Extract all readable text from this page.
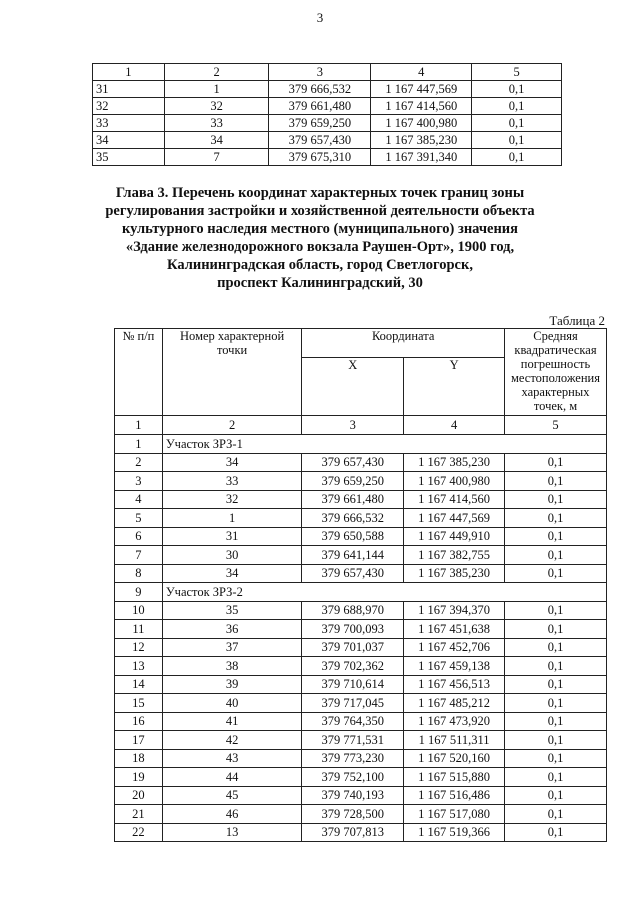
3
1	2	3	4	5
31	1	379 666,532	1 167 447,569	0,1
32	32	379 661,480	1 167 414,560	0,1
33	33	379 659,250	1 167 400,980	0,1
34	34	379 657,430	1 167 385,230	0,1
35	7	379 675,310	1 167 391,340	0,1
Глава 3. Перечень координат характерных точек границ зоны
регулирования застройки и хозяйственной деятельности объекта
культурного наследия местного (муниципального) значения
«Здание железнодорожного вокзала Раушен-Орт», 1900 год,
Калининградская область, город Светлогорск,
проспект Калининградский, 30
Таблица 2
№ п/п	Номер характерной точки	Координата		Средняя квадратическая погрешность местоположения характерных точек, м
		X	Y	
1	2	3	4	5
1	Участок ЗРЗ-1			
2	34	379 657,430	1 167 385,230	0,1
3	33	379 659,250	1 167 400,980	0,1
4	32	379 661,480	1 167 414,560	0,1
5	1	379 666,532	1 167 447,569	0,1
6	31	379 650,588	1 167 449,910	0,1
7	30	379 641,144	1 167 382,755	0,1
8	34	379 657,430	1 167 385,230	0,1
9	Участок ЗРЗ-2			
10	35	379 688,970	1 167 394,370	0,1
11	36	379 700,093	1 167 451,638	0,1
12	37	379 701,037	1 167 452,706	0,1
13	38	379 702,362	1 167 459,138	0,1
14	39	379 710,614	1 167 456,513	0,1
15	40	379 717,045	1 167 485,212	0,1
16	41	379 764,350	1 167 473,920	0,1
17	42	379 771,531	1 167 511,311	0,1
18	43	379 773,230	1 167 520,160	0,1
19	44	379 752,100	1 167 515,880	0,1
20	45	379 740,193	1 167 516,486	0,1
21	46	379 728,500	1 167 517,080	0,1
22	13	379 707,813	1 167 519,366	0,1
